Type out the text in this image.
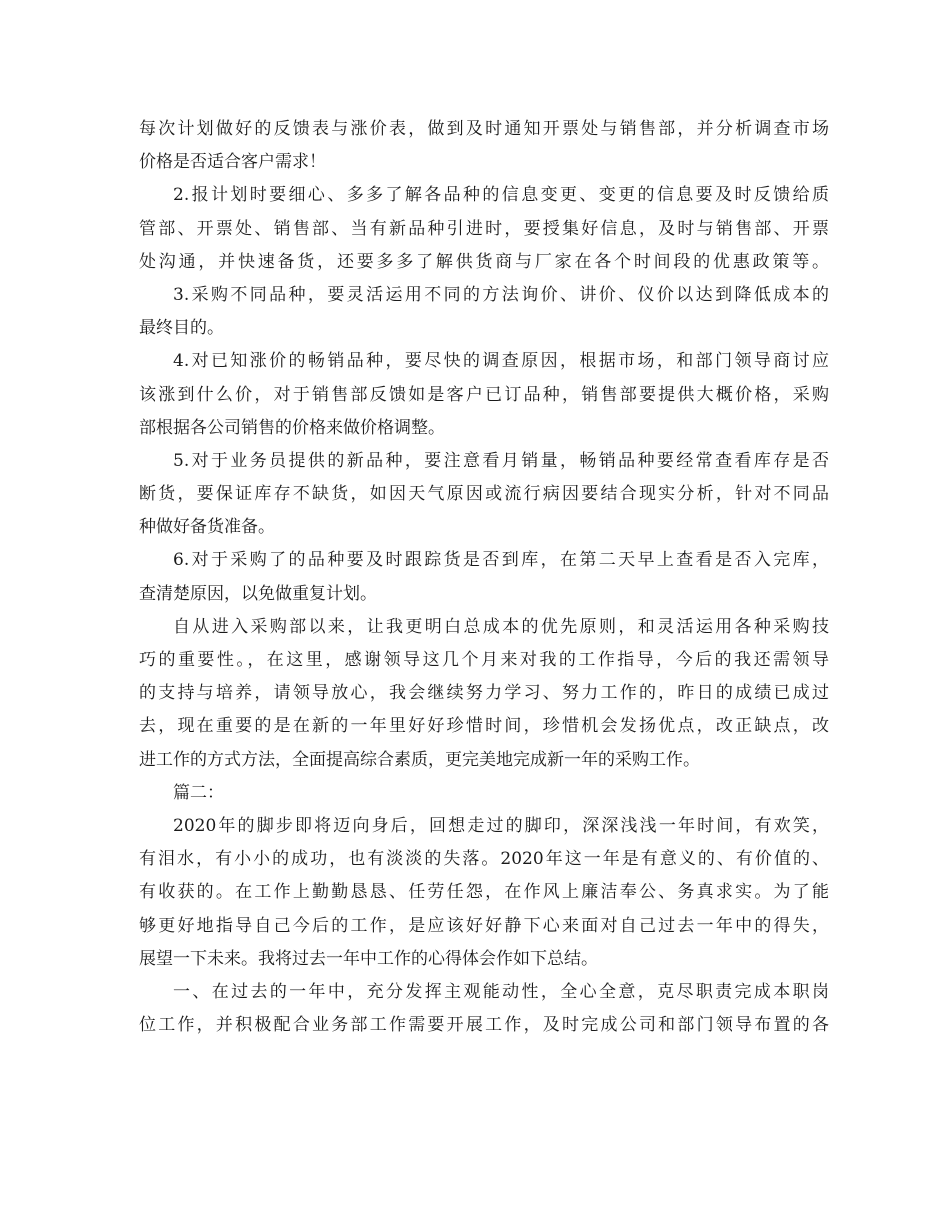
每次计划做好的反馈表与涨价表，做到及时通知开票处与销售部，并分析调查市场
价格是否适合客户需求！
2.报计划时要细心、多多了解各品种的信息变更、变更的信息要及时反馈给质
管部、开票处、销售部、当有新品种引进时，要授集好信息，及时与销售部、开票
处沟通，并快速备货，还要多多了解供货商与厂家在各个时间段的优惠政策等。
3.采购不同品种，要灵活运用不同的方法询价、讲价、仪价以达到降低成本的
最终目的。
4.对已知涨价的畅销品种，要尽快的调查原因，根据市场，和部门领导商讨应
该涨到什么价，对于销售部反馈如是客户已订品种，销售部要提供大概价格，采购
部根据各公司销售的价格来做价格调整。
5.对于业务员提供的新品种，要注意看月销量，畅销品种要经常查看库存是否
断货，要保证库存不缺货，如因天气原因或流行病因要结合现实分析，针对不同品
种做好备货准备。
6.对于采购了的品种要及时跟踪货是否到库，在第二天早上查看是否入完库，
查清楚原因，以免做重复计划。
自从进入采购部以来，让我更明白总成本的优先原则，和灵活运用各种采购技
巧的重要性。，在这里，感谢领导这几个月来对我的工作指导，今后的我还需领导
的支持与培养，请领导放心，我会继续努力学习、努力工作的，昨日的成绩已成过
去，现在重要的是在新的一年里好好珍惜时间，珍惜机会发扬优点，改正缺点，改
进工作的方式方法，全面提高综合素质，更完美地完成新一年的采购工作。
篇二：
2020年的脚步即将迈向身后，回想走过的脚印，深深浅浅一年时间，有欢笑，
有泪水，有小小的成功，也有淡淡的失落。2020年这一年是有意义的、有价值的、
有收获的。在工作上勤勤恳恳、任劳任怨，在作风上廉洁奉公、务真求实。为了能
够更好地指导自己今后的工作，是应该好好静下心来面对自己过去一年中的得失，
展望一下未来。我将过去一年中工作的心得体会作如下总结。
一、在过去的一年中，充分发挥主观能动性，全心全意，克尽职责完成本职岗
位工作，并积极配合业务部工作需要开展工作，及时完成公司和部门领导布置的各
